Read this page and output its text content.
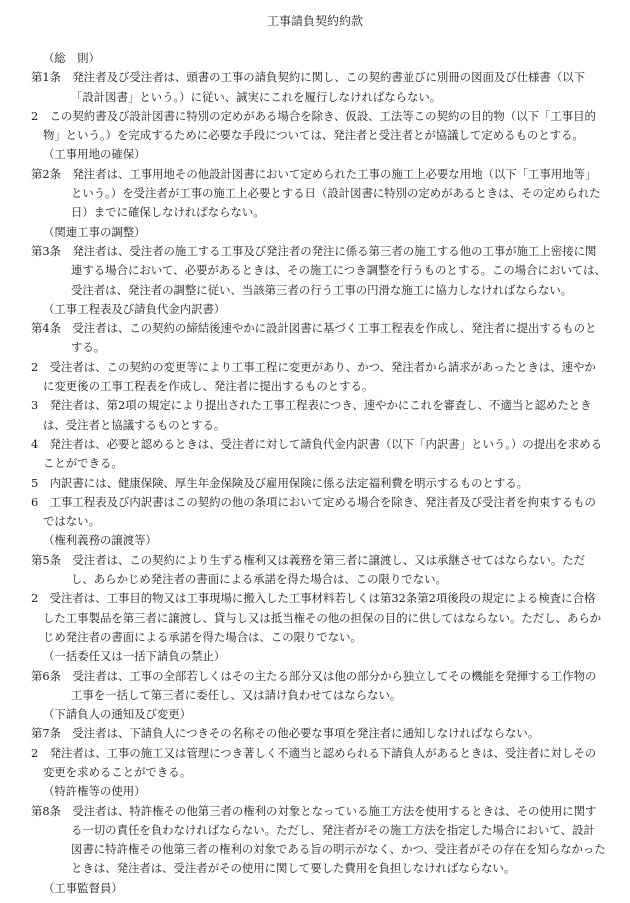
工事請負契約約款
（総　則）
第1条　発注者及び受注者は、頭書の工事の請負契約に関し、この契約書並びに別冊の図面及び仕様書（以下「設計図書」という。）に従い、誠実にこれを履行しなければならない。
2　この契約書及び設計図書に特別の定めがある場合を除き、仮設、工法等この契約の目的物（以下「工事目的物」という。）を完成するために必要な手段については、発注者と受注者とが協議して定めるものとする。
（工事用地の確保）
第2条　発注者は、工事用地その他設計図書において定められた工事の施工上必要な用地（以下「工事用地等」という。）を受注者が工事の施工上必要とする日（設計図書に特別の定めがあるときは、その定められた日）までに確保しなければならない。
（関連工事の調整）
第3条　発注者は、受注者の施工する工事及び発注者の発注に係る第三者の施工する他の工事が施工上密接に関連する場合において、必要があるときは、その施工につき調整を行うものとする。この場合においては、受注者は、発注者の調整に従い、当該第三者の行う工事の円滑な施工に協力しなければならない。
（工事工程表及び請負代金内訳書）
第4条　受注者は、この契約の締結後速やかに設計図書に基づく工事工程表を作成し、発注者に提出するものとする。
2　受注者は、この契約の変更等により工事工程に変更があり、かつ、発注者から請求があったときは、速やかに変更後の工事工程表を作成し、発注者に提出するものとする。
3　発注者は、第2項の規定により提出された工事工程表につき、速やかにこれを審査し、不適当と認めたときは、受注者と協議するものとする。
4　発注者は、必要と認めるときは、受注者に対して請負代金内訳書（以下「内訳書」という。）の提出を求めることができる。
5　内訳書には、健康保険、厚生年金保険及び雇用保険に係る法定福利費を明示するものとする。
6　工事工程表及び内訳書はこの契約の他の条項において定める場合を除き、発注者及び受注者を拘束するものではない。
（権利義務の譲渡等）
第5条　受注者は、この契約により生ずる権利又は義務を第三者に譲渡し、又は承継させてはならない。ただし、あらかじめ発注者の書面による承諾を得た場合は、この限りでない。
2　受注者は、工事目的物又は工事現場に搬入した工事材料若しくは第32条第2項後段の規定による検査に合格した工事製品を第三者に譲渡し、貸与し又は抵当権その他の担保の目的に供してはならない。ただし、あらかじめ発注者の書面による承諾を得た場合は、この限りでない。
（一括委任又は一括下請負の禁止）
第6条　受注者は、工事の全部若しくはその主たる部分又は他の部分から独立してその機能を発揮する工作物の工事を一括して第三者に委任し、又は請け負わせてはならない。
（下請負人の通知及び変更）
第7条　受注者は、下請負人につきその名称その他必要な事項を発注者に通知しなければならない。
2　発注者は、工事の施工又は管理につき著しく不適当と認められる下請負人があるときは、受注者に対しその変更を求めることができる。
（特許権等の使用）
第8条　受注者は、特許権その他第三者の権利の対象となっている施工方法を使用するときは、その使用に関する一切の責任を負わなければならない。ただし、発注者がその施工方法を指定した場合において、設計図書に特許権その他第三者の権利の対象である旨の明示がなく、かつ、受注者がその存在を知らなかったときは、発注者は、受注者がその使用に関して要した費用を負担しなければならない。
（工事監督員）
